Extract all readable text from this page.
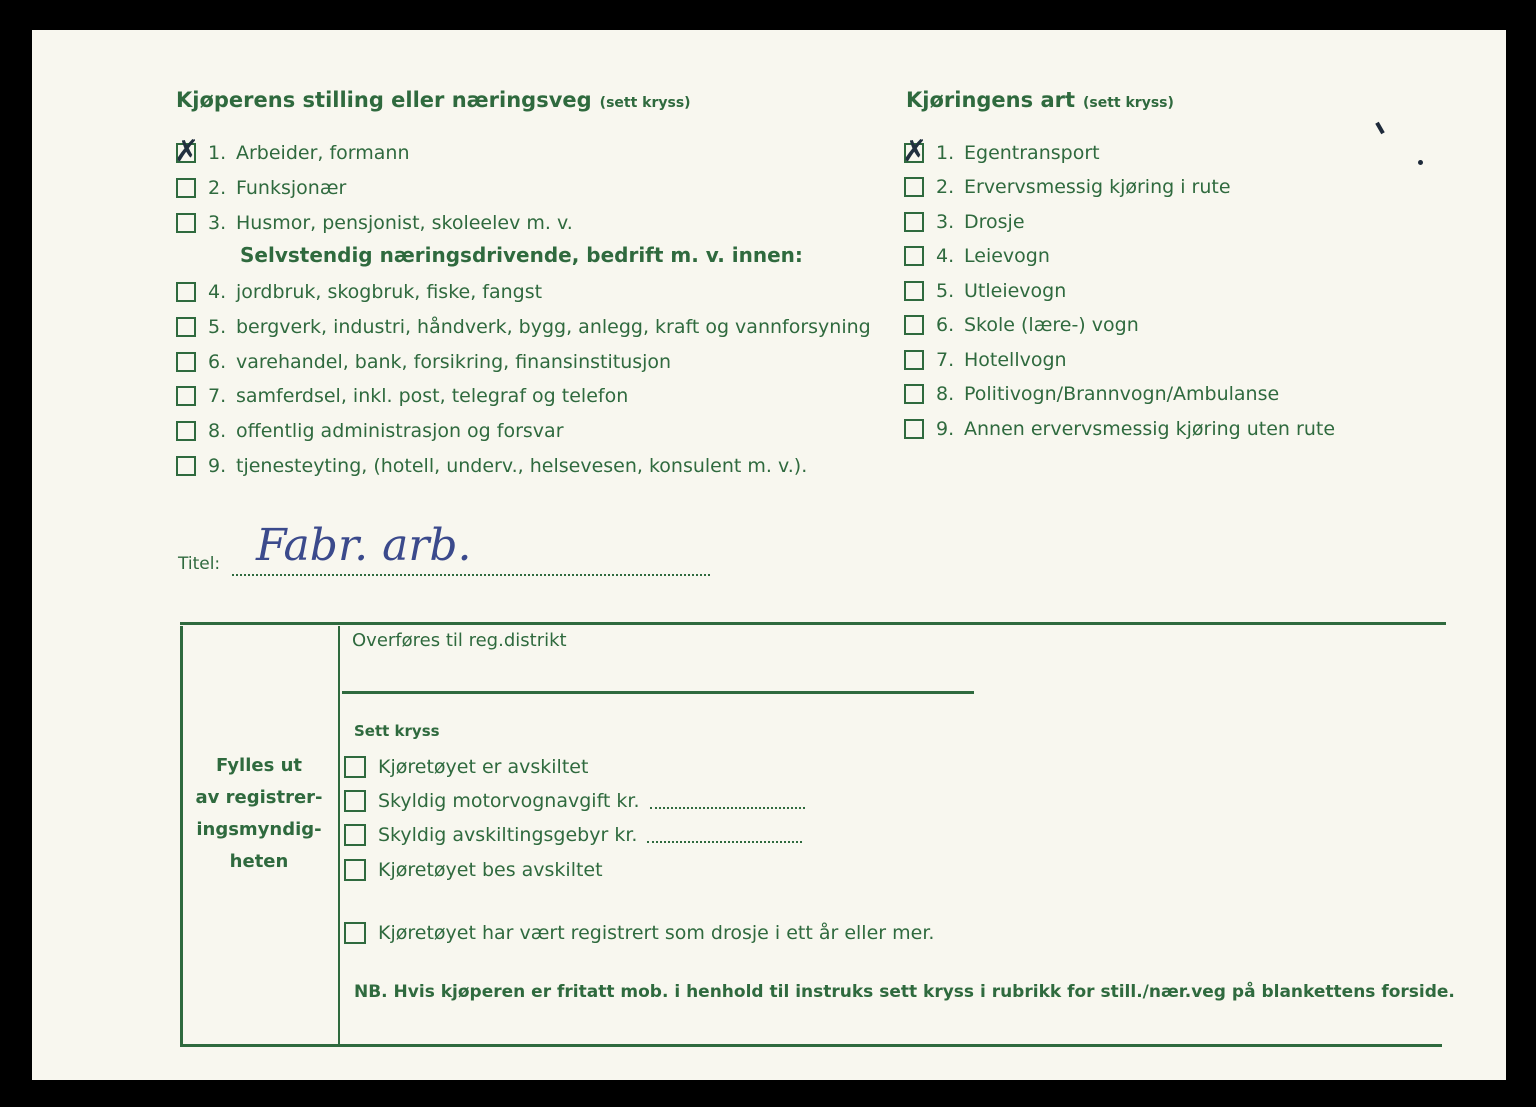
Kjøperens stilling eller næringsveg (sett kryss)
✗ 1. Arbeider, formann
2. Funksjonær
3. Husmor, pensjonist, skoleelev m. v.
Selvstendig næringsdrivende, bedrift m. v. innen:
4. jordbruk, skogbruk, fiske, fangst
5. bergverk, industri, håndverk, bygg, anlegg, kraft og vannforsyning
6. varehandel, bank, forsikring, finansinstitusjon
7. samferdsel, inkl. post, telegraf og telefon
8. offentlig administrasjon og forsvar
9. tjenesteyting, (hotell, underv., helsevesen, konsulent m. v.).
Titel: Fabr. arb.
Kjøringens art (sett kryss)
✗ 1. Egentransport
2. Ervervsmessig kjøring i rute
3. Drosje
4. Leievogn
5. Utleievogn
6. Skole (lære-) vogn
7. Hotellvogn
8. Politivogn/Brannvogn/Ambulanse
9. Annen ervervsmessig kjøring uten rute
Fylles ut
av registrer-
ingsmyndig-
heten
Overføres til reg.distrikt
Sett kryss
Kjøretøyet er avskiltet
Skyldig motorvognavgift kr.
Skyldig avskiltingsgebyr kr.
Kjøretøyet bes avskiltet
Kjøretøyet har vært registrert som drosje i ett år eller mer.
NB. Hvis kjøperen er fritatt mob. i henhold til instruks sett kryss i rubrikk for still./nær.veg på blankettens forside.
